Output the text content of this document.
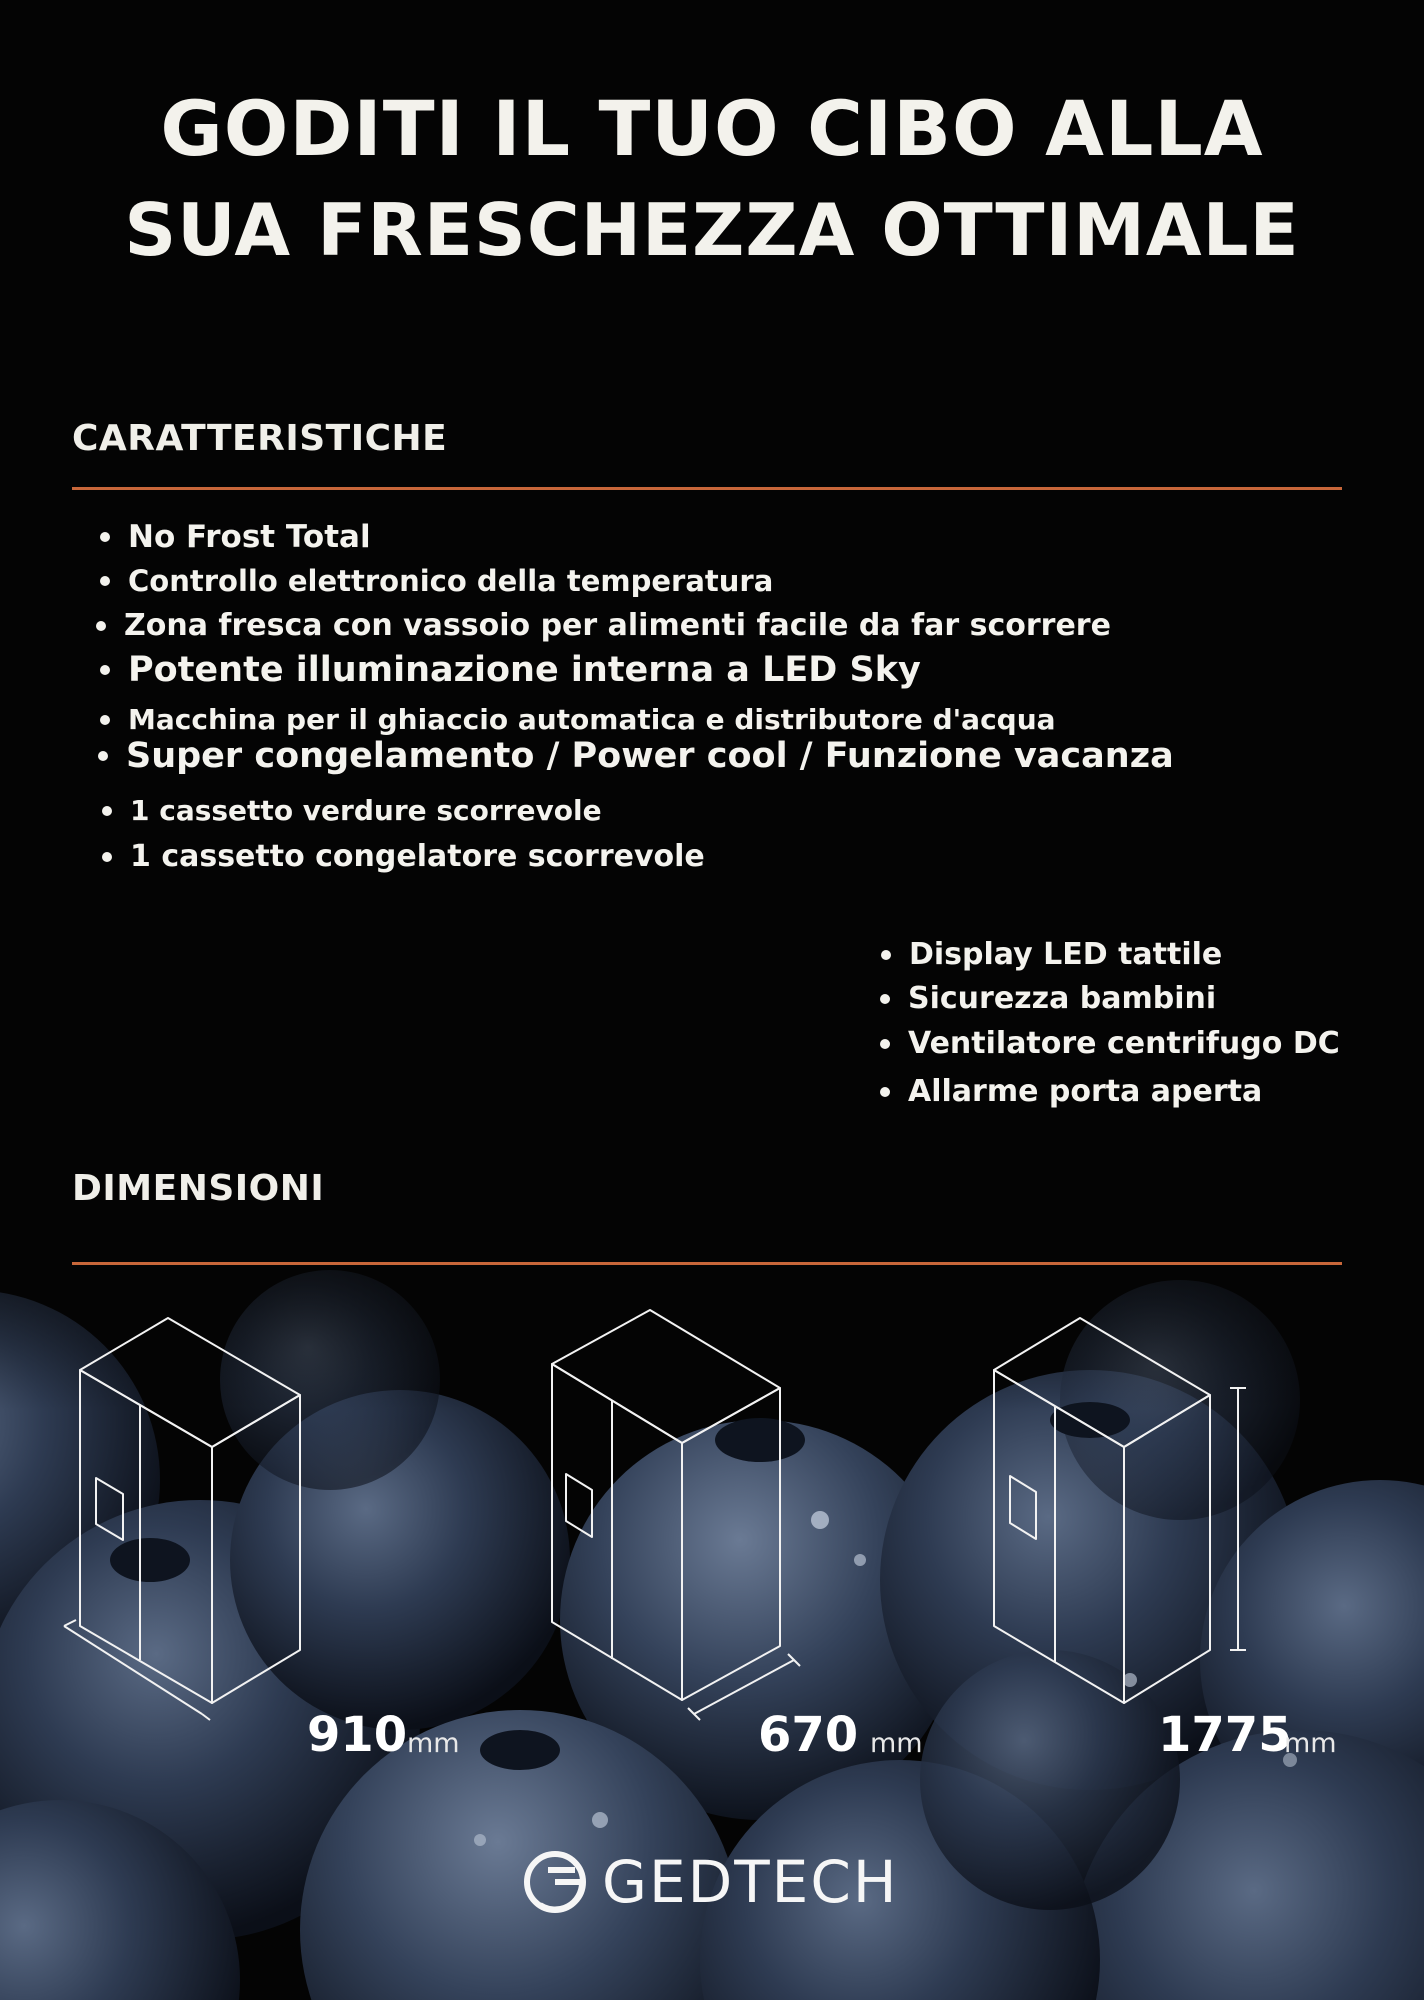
GODITI IL TUO CIBO ALLA
SUA FRESCHEZZA OTTIMALE
CARATTERISTICHE
No Frost Total
Controllo elettronico della temperatura
Zona fresca con vassoio per alimenti facile da far scorrere
Potente illuminazione interna a LED Sky
Macchina per il ghiaccio automatica e distributore d'acqua
Super congelamento / Power cool / Funzione vacanza
1 cassetto verdure scorrevole
1 cassetto congelatore scorrevole
Display LED tattile
Sicurezza bambini
Ventilatore centrifugo DC
Allarme porta aperta
DIMENSIONI
910 mm	670 mm	1775
mm
GEDTECH
